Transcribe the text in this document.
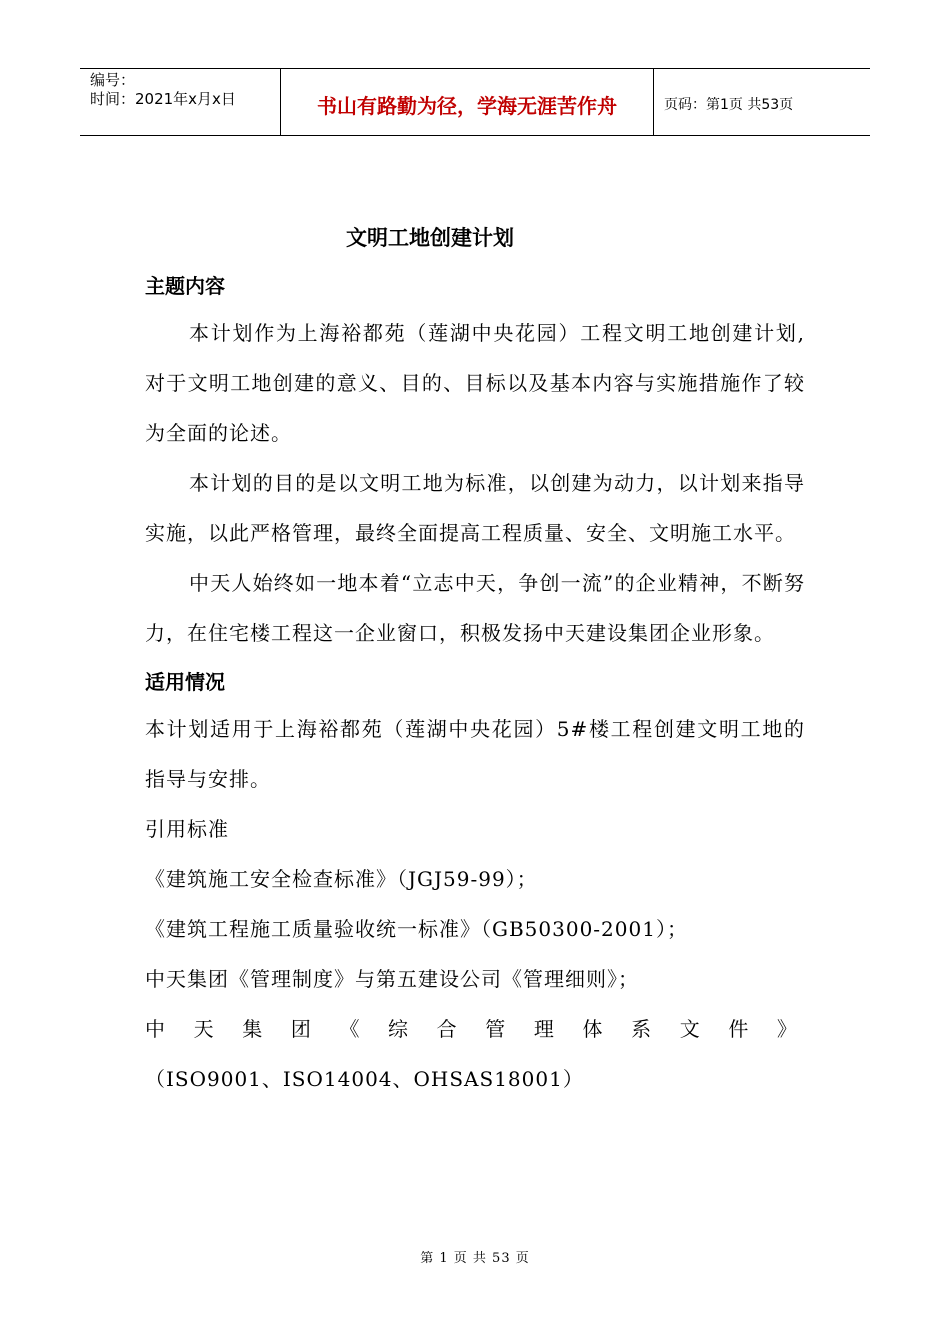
编号：
时间：2021年x月x日	书山有路勤为径，学海无涯苦作舟	页码：第1页 共53页
文明工地创建计划
主题内容

本计划作为上海裕都苑（莲湖中央花园）工程文明工地创建计划,对于文明工地创建的意义、目的、目标以及基本内容与实施措施作了较为全面的论述。

本计划的目的是以文明工地为标准，以创建为动力，以计划来指导实施，以此严格管理，最终全面提高工程质量、安全、文明施工水平。

中天人始终如一地本着“立志中天，争创一流”的企业精神，不断努力，在住宅楼工程这一企业窗口，积极发扬中天建设集团企业形象。

适用情况

本计划适用于上海裕都苑（莲湖中央花园）5#楼工程创建文明工地的指导与安排。

引用标准
《建筑施工安全检查标准》（JGJ59-99）；
《建筑工程施工质量验收统一标准》（GB50300-2001）；
中天集团《管理制度》与第五建设公司《管理细则》；
中 天 集 团 《 综 合 管 理 体 系 文 件 》
（ISO9001、ISO14004、OHSAS18001）
第 1 页 共 53 页
